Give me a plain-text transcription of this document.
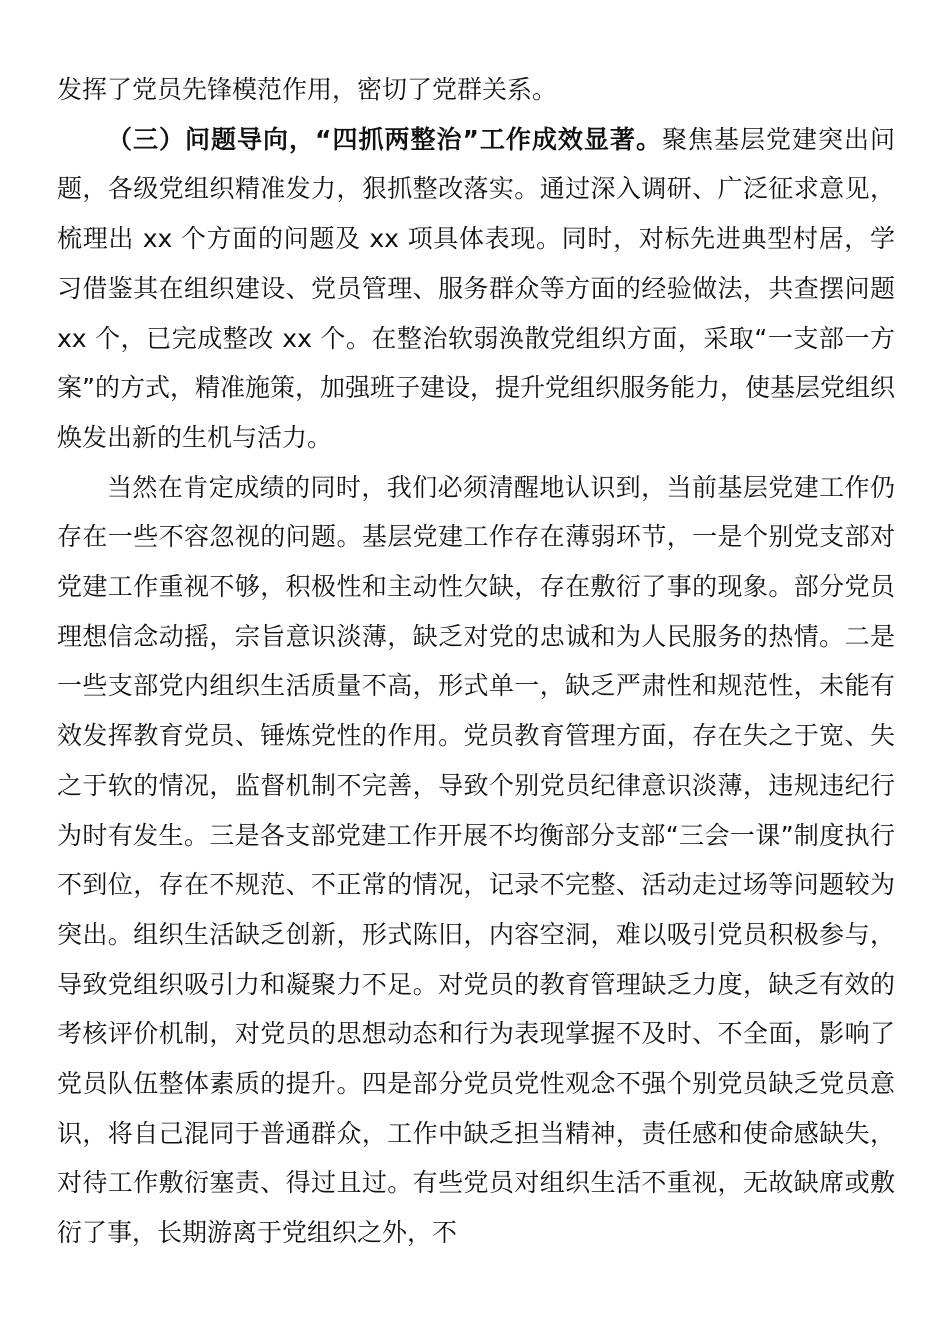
发挥了党员先锋模范作用，密切了党群关系。

（三）问题导向，“四抓两整治”工作成效显著。聚焦基层党建突出问题，各级党组织精准发力，狠抓整改落实。通过深入调研、广泛征求意见，梳理出 xx 个方面的问题及 xx 项具体表现。同时，对标先进典型村居，学习借鉴其在组织建设、党员管理、服务群众等方面的经验做法，共查摆问题 xx 个，已完成整改 xx 个。在整治软弱涣散党组织方面，采取“一支部一方案”的方式，精准施策，加强班子建设，提升党组织服务能力，使基层党组织焕发出新的生机与活力。

当然在肯定成绩的同时，我们必须清醒地认识到，当前基层党建工作仍存在一些不容忽视的问题。基层党建工作存在薄弱环节，一是个别党支部对党建工作重视不够，积极性和主动性欠缺，存在敷衍了事的现象。部分党员理想信念动摇，宗旨意识淡薄，缺乏对党的忠诚和为人民服务的热情。二是一些支部党内组织生活质量不高，形式单一，缺乏严肃性和规范性，未能有效发挥教育党员、锤炼党性的作用。党员教育管理方面，存在失之于宽、失之于软的情况，监督机制不完善，导致个别党员纪律意识淡薄，违规违纪行为时有发生。三是各支部党建工作开展不均衡部分支部“三会一课”制度执行不到位，存在不规范、不正常的情况，记录不完整、活动走过场等问题较为突出。组织生活缺乏创新，形式陈旧，内容空洞，难以吸引党员积极参与，导致党组织吸引力和凝聚力不足。对党员的教育管理缺乏力度，缺乏有效的考核评价机制，对党员的思想动态和行为表现掌握不及时、不全面，影响了党员队伍整体素质的提升。四是部分党员党性观念不强个别党员缺乏党员意识，将自己混同于普通群众，工作中缺乏担当精神，责任感和使命感缺失，对待工作敷衍塞责、得过且过。有些党员对组织生活不重视，无故缺席或敷衍了事，长期游离于党组织之外，不
